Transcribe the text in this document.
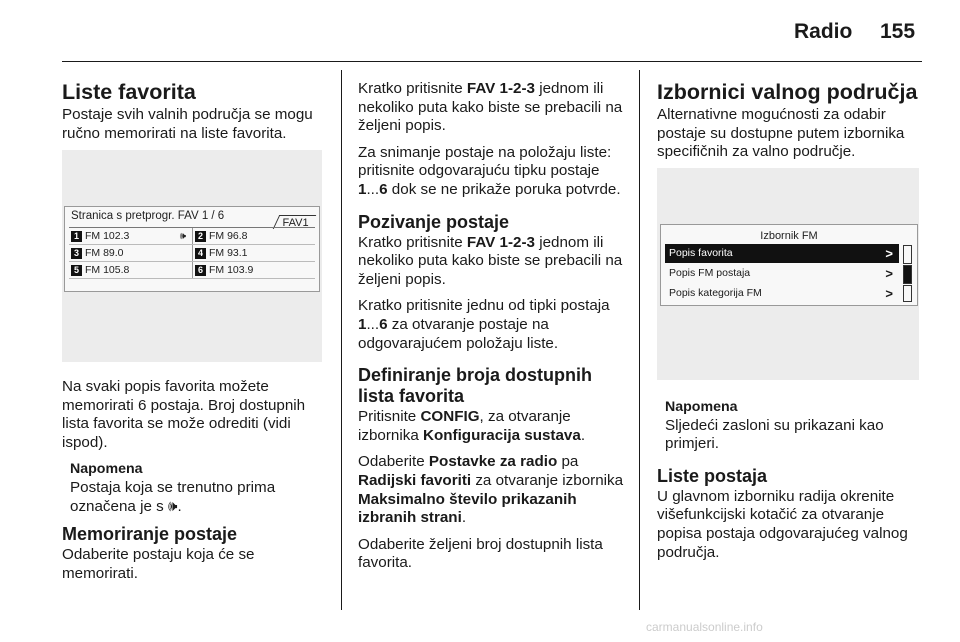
Radio 155
Liste favorita

Postaje svih valnih područja se mogu ručno memorirati na liste favorita.

Stranica s pretprogr. FAV 1 / 6
FAV1
1 FM 102.3	🕪	2 FM 96.8
3 FM 89.0	4 FM 93.1
5 FM 105.8	6 FM 103.9

Na svaki popis favorita možete memorirati 6 postaja. Broj dostupnih lista favorita se može odrediti (vidi ispod).

Napomena
Postaja koja se trenutno prima označena je s 🕪.
Memoriranje postaje

Odaberite postaju koja će se memorirati.

Kratko pritisnite FAV 1-2-3 jednom ili nekoliko puta kako biste se prebacili na željeni popis.

Za snimanje postaje na položaju liste: pritisnite odgovarajuću tipku postaje 1...6 dok se ne prikaže poruka potvrde.

Pozivanje postaje

Kratko pritisnite FAV 1-2-3 jednom ili nekoliko puta kako biste se prebacili na željeni popis.

Kratko pritisnite jednu od tipki postaja 1...6 za otvaranje postaje na odgovarajućem položaju liste.

Definiranje broja dostupnih lista favorita

Pritisnite CONFIG, za otvaranje izbornika Konfiguracija sustava.

Odaberite Postavke za radio pa Radijski favoriti za otvaranje izbornika Maksimalno število prikazanih izbranih strani.

Odaberite željeni broj dostupnih lista favorita.

Izbornici valnog područja

Alternativne mogućnosti za odabir postaje su dostupne putem izbornika specifičnih za valno područje.

Izbornik FM
Popis favorita	>
Popis FM postaja	>
Popis kategorija FM	>
Napomena
Sljedeći zasloni su prikazani kao primjeri.
Liste postaja

U glavnom izborniku radija okrenite višefunkcijski kotačić za otvaranje popisa postaja odgovarajućeg valnog područja.

carmanualsonline.info
